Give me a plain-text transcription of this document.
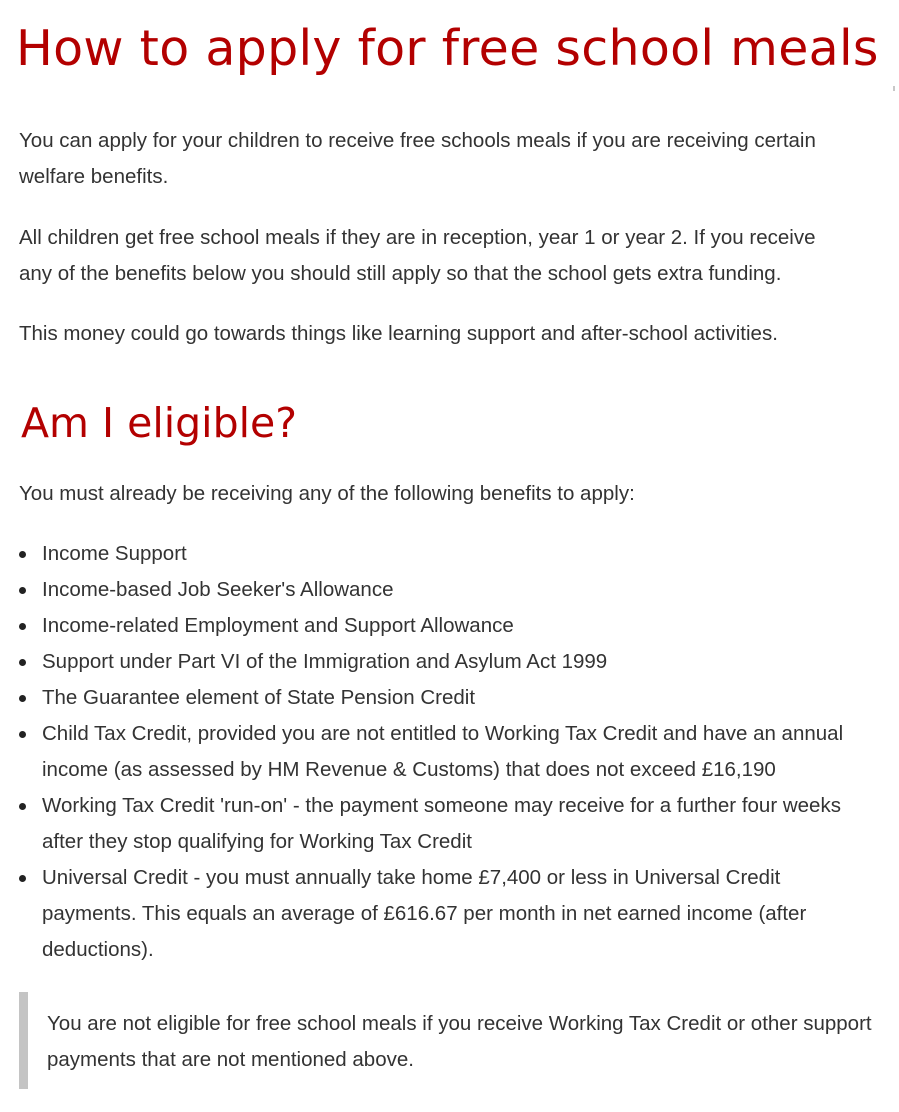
How to apply for free school meals

You can apply for your children to receive free schools meals if you are receiving certain welfare benefits.

All children get free school meals if they are in reception, year 1 or year 2. If you receive any of the benefits below you should still apply so that the school gets extra funding.

This money could go towards things like learning support and after-school activities.

Am I eligible?

You must already be receiving any of the following benefits to apply:

Income Support
Income-based Job Seeker's Allowance
Income-related Employment and Support Allowance
Support under Part VI of the Immigration and Asylum Act 1999
The Guarantee element of State Pension Credit
Child Tax Credit, provided you are not entitled to Working Tax Credit and have an annual income (as assessed by HM Revenue & Customs) that does not exceed £16,190
Working Tax Credit 'run-on' - the payment someone may receive for a further four weeks after they stop qualifying for Working Tax Credit
Universal Credit - you must annually take home £7,400 or less in Universal Credit payments. This equals an average of £616.67 per month in net earned income (after deductions).
You are not eligible for free school meals if you receive Working Tax Credit or other support payments that are not mentioned above.
